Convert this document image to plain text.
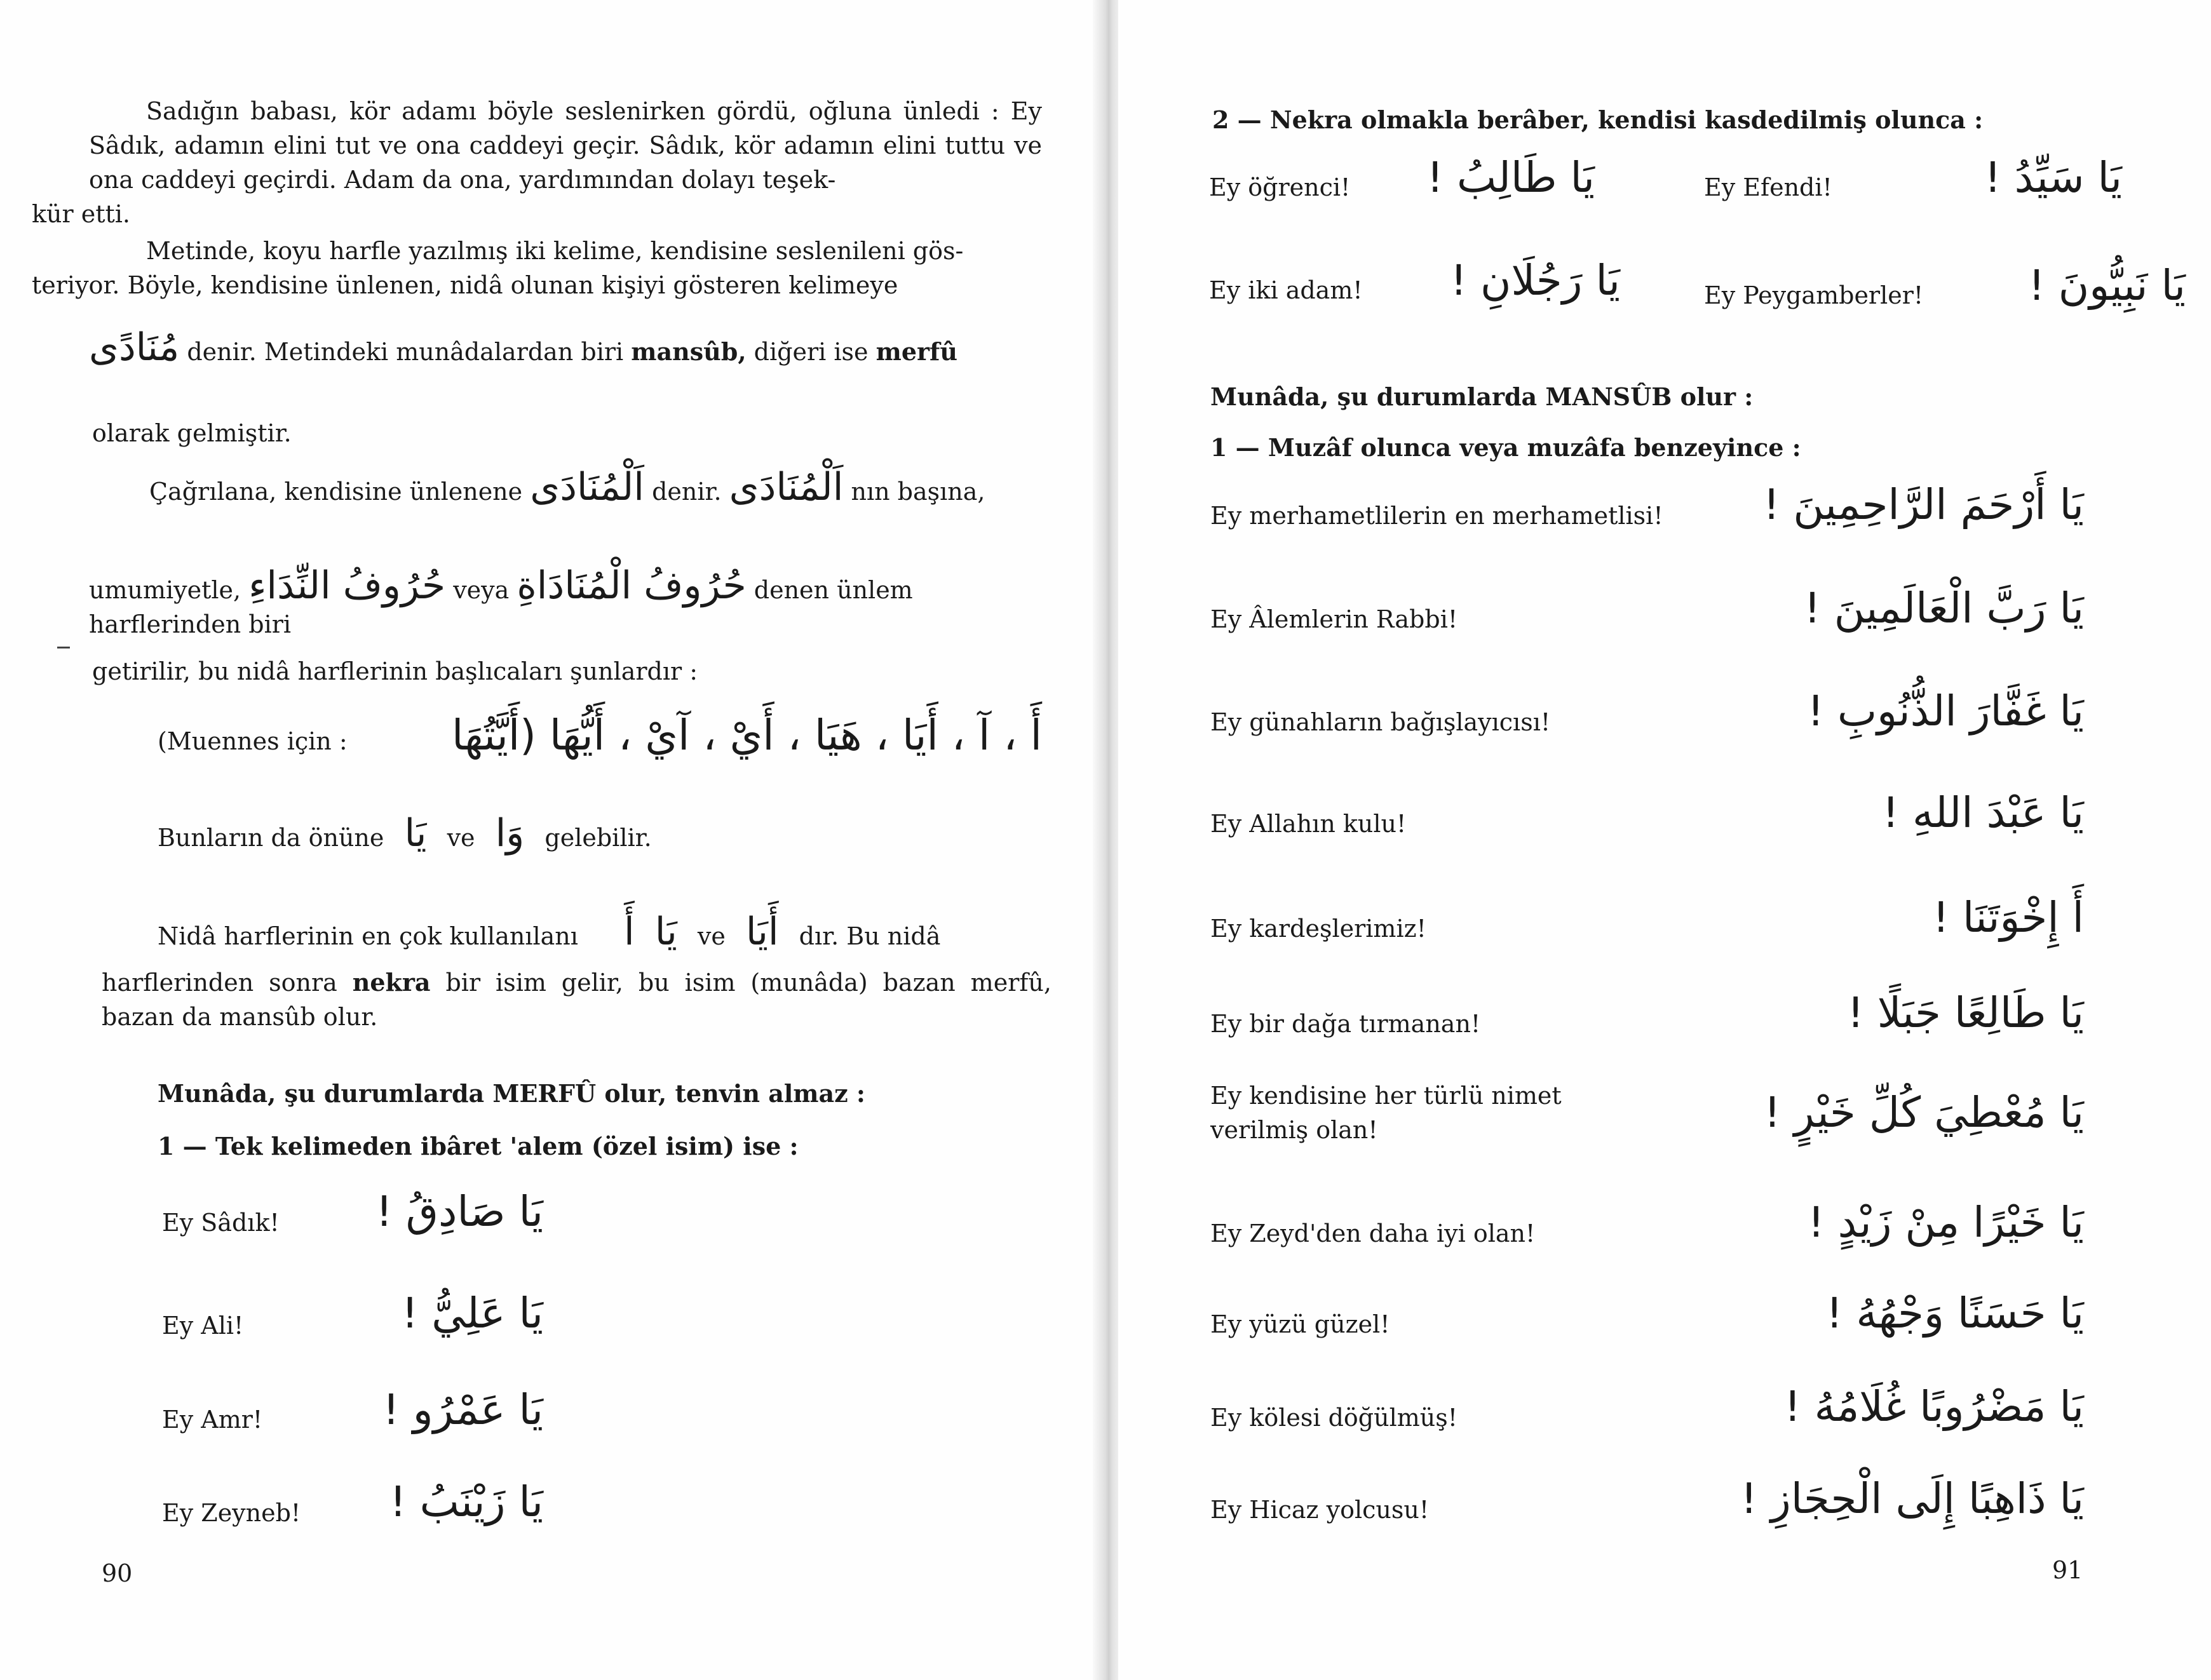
Sadığın babası, kör adamı böyle seslenirken gördü, oğluna ünledi : Ey Sâdık, adamın elini tut ve ona caddeyi geçir. Sâdık, kör adamın elini tuttu ve ona caddeyi geçirdi. Adam da ona, yardımından dolayı teşek-
kür etti.
Metinde, koyu harfle yazılmış iki kelime, kendisine seslenileni gös-
teriyor. Böyle, kendisine ünlenen, nidâ olunan kişiyi gösteren kelimeye
مُنَادًى denir. Metindeki munâdalardan biri mansûb, diğeri ise merfû
olarak gelmiştir.
Çağrılana, kendisine ünlenene اَلْمُنَادَى denir. اَلْمُنَادَى nın başına,
umumiyetle, حُرُوفُ النِّدَاءِ veya حُرُوفُ الْمُنَادَاةِ denen ünlem harflerinden biri
getirilir, bu nidâ harflerinin başlıcaları şunlardır :
(Muennes için : أَ ، آ ، أَيَا ، هَيَا ، أَيْ ، آيْ ، أَيُّهَا (أَيَّتُهَا
Bunların da önüne يَا ve وَا gelebilir.
Nidâ harflerinin en çok kullanılanı أَ يَا ve أَيَا dır. Bu nidâ
harflerinden sonra nekra bir isim gelir, bu isim (munâda) bazan merfû,
bazan da mansûb olur.
Munâda, şu durumlarda MERFÛ olur, tenvin almaz :
1 — Tek kelimeden ibâret 'alem (özel isim) ise :
Ey Sâdık!	يَا صَادِقُ !
Ey Ali!	يَا عَلِيُّ !
Ey Amr!	يَا عَمْرُو !
Ey Zeyneb!	يَا زَيْنَبُ !
90
2 — Nekra olmakla berâber, kendisi kasdedilmiş olunca :
Ey öğrenci!	يَا طَالِبُ !	Ey Efendi!	يَا سَيِّدُ !
Ey iki adam!	يَا رَجُلَانِ !	Ey Peygamberler!	يَا نَبِيُّونَ !
Munâda, şu durumlarda MANSÛB olur :
1 — Muzâf olunca veya muzâfa benzeyince :
Ey merhametlilerin en merhametlisi!	يَا أَرْحَمَ الرَّاحِمِينَ !
Ey Âlemlerin Rabbi!	يَا رَبَّ الْعَالَمِينَ !
Ey günahların bağışlayıcısı!	يَا غَفَّارَ الذُّنُوبِ !
Ey Allahın kulu!	يَا عَبْدَ اللهِ !
Ey kardeşlerimiz!	أَ إِخْوَتَنَا !
Ey bir dağa tırmanan!	يَا طَالِعًا جَبَلًا !
Ey kendisine her türlü nimet verilmiş olan!	يَا مُعْطِيَ كُلِّ خَيْرٍ !
Ey Zeyd'den daha iyi olan!	يَا خَيْرًا مِنْ زَيْدٍ !
Ey yüzü güzel!	يَا حَسَنًا وَجْهُهُ !
Ey kölesi döğülmüş!	يَا مَضْرُوبًا غُلَامُهُ !
Ey Hicaz yolcusu!	يَا ذَاهِبًا إِلَى الْحِجَازِ !
91
